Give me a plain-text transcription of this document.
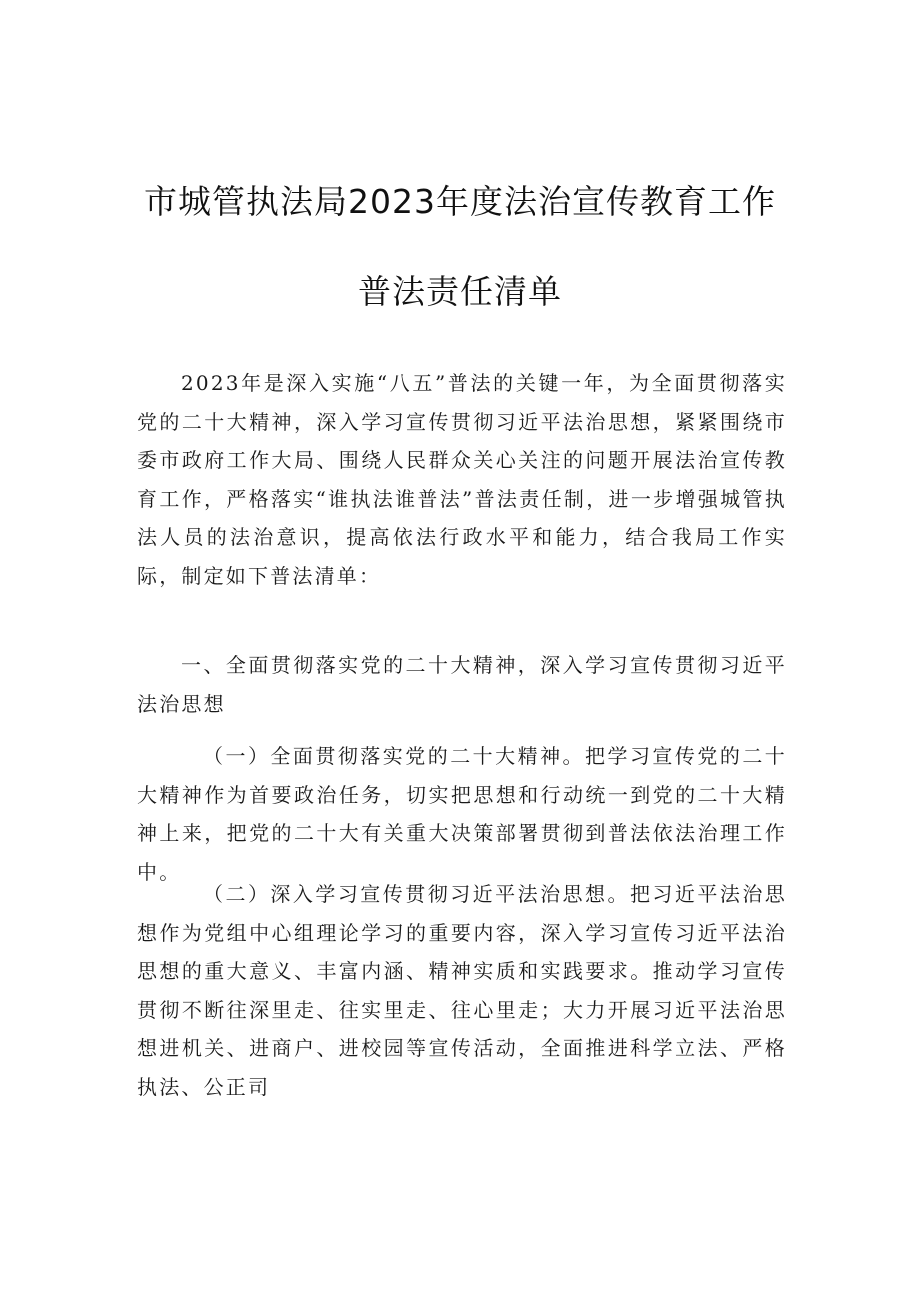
市城管执法局2023年度法治宣传教育工作
普法责任清单

2023年是深入实施“八五”普法的关键一年，为全面贯彻落实党的二十大精神，深入学习宣传贯彻习近平法治思想，紧紧围绕市委市政府工作大局、围绕人民群众关心关注的问题开展法治宣传教育工作，严格落实“谁执法谁普法”普法责任制，进一步增强城管执法人员的法治意识，提高依法行政水平和能力，结合我局工作实际，制定如下普法清单：

一、全面贯彻落实党的二十大精神，深入学习宣传贯彻习近平法治思想

（一）全面贯彻落实党的二十大精神。把学习宣传党的二十大精神作为首要政治任务，切实把思想和行动统一到党的二十大精神上来，把党的二十大有关重大决策部署贯彻到普法依法治理工作中。

（二）深入学习宣传贯彻习近平法治思想。把习近平法治思想作为党组中心组理论学习的重要内容，深入学习宣传习近平法治思想的重大意义、丰富内涵、精神实质和实践要求。推动学习宣传贯彻不断往深里走、往实里走、往心里走；大力开展习近平法治思想进机关、进商户、进校园等宣传活动，全面推进科学立法、严格执法、公正司
